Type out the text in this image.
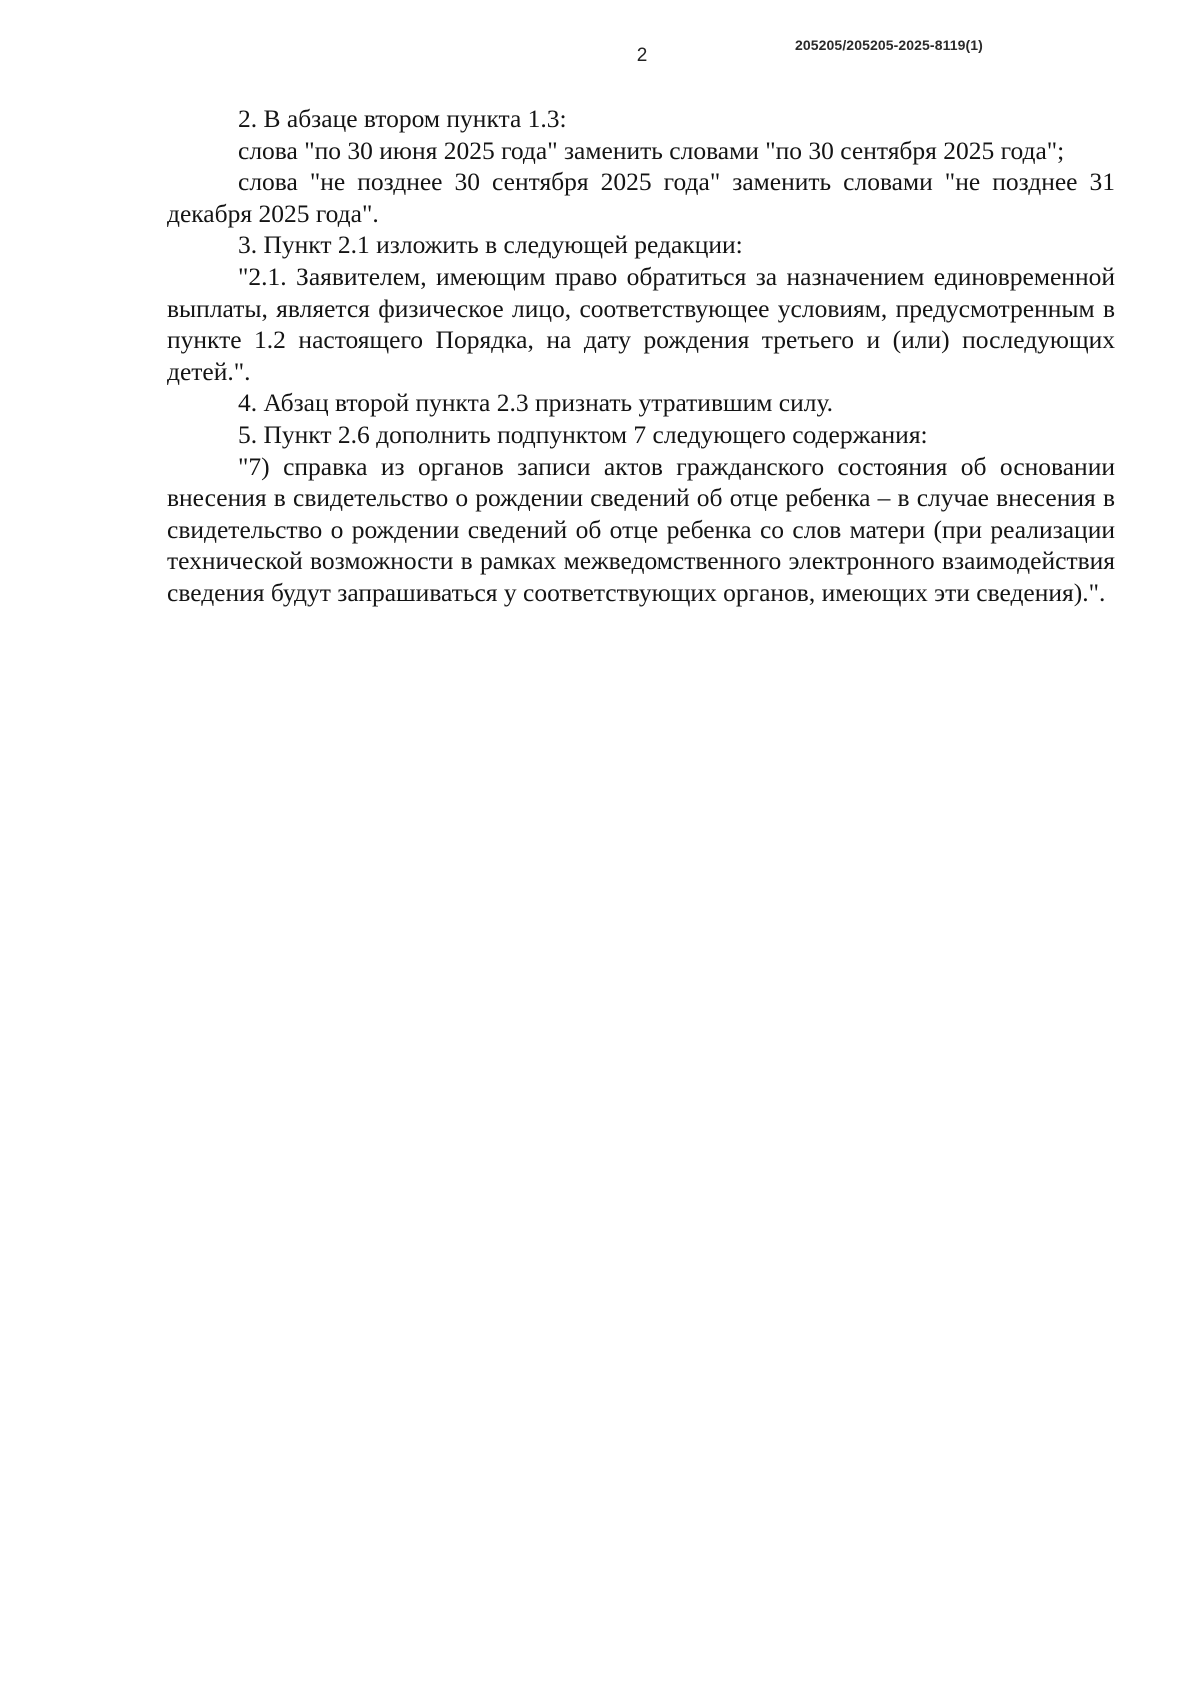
2	205205/205205-2025-8119(1)

2. В абзаце втором пункта 1.3:

слова "по 30 июня 2025 года" заменить словами "по 30 сентября 2025 года";

слова "не позднее 30 сентября 2025 года" заменить словами "не позднее 31 декабря 2025 года".

3. Пункт 2.1 изложить в следующей редакции:

"2.1. Заявителем, имеющим право обратиться за назначением единовременной выплаты, является физическое лицо, соответствующее условиям, предусмотренным в пункте 1.2 настоящего Порядка, на дату рождения третьего и (или) последующих детей.".

4. Абзац второй пункта 2.3 признать утратившим силу.

5. Пункт 2.6 дополнить подпунктом 7 следующего содержания:

"7) справка из органов записи актов гражданского состояния об основании внесения в свидетельство о рождении сведений об отце ребенка – в случае внесения в свидетельство о рождении сведений об отце ребенка со слов матери (при реализации технической возможности в рамках межведомственного электронного взаимодействия сведения будут запрашиваться у соответствующих органов, имеющих эти сведения).".
